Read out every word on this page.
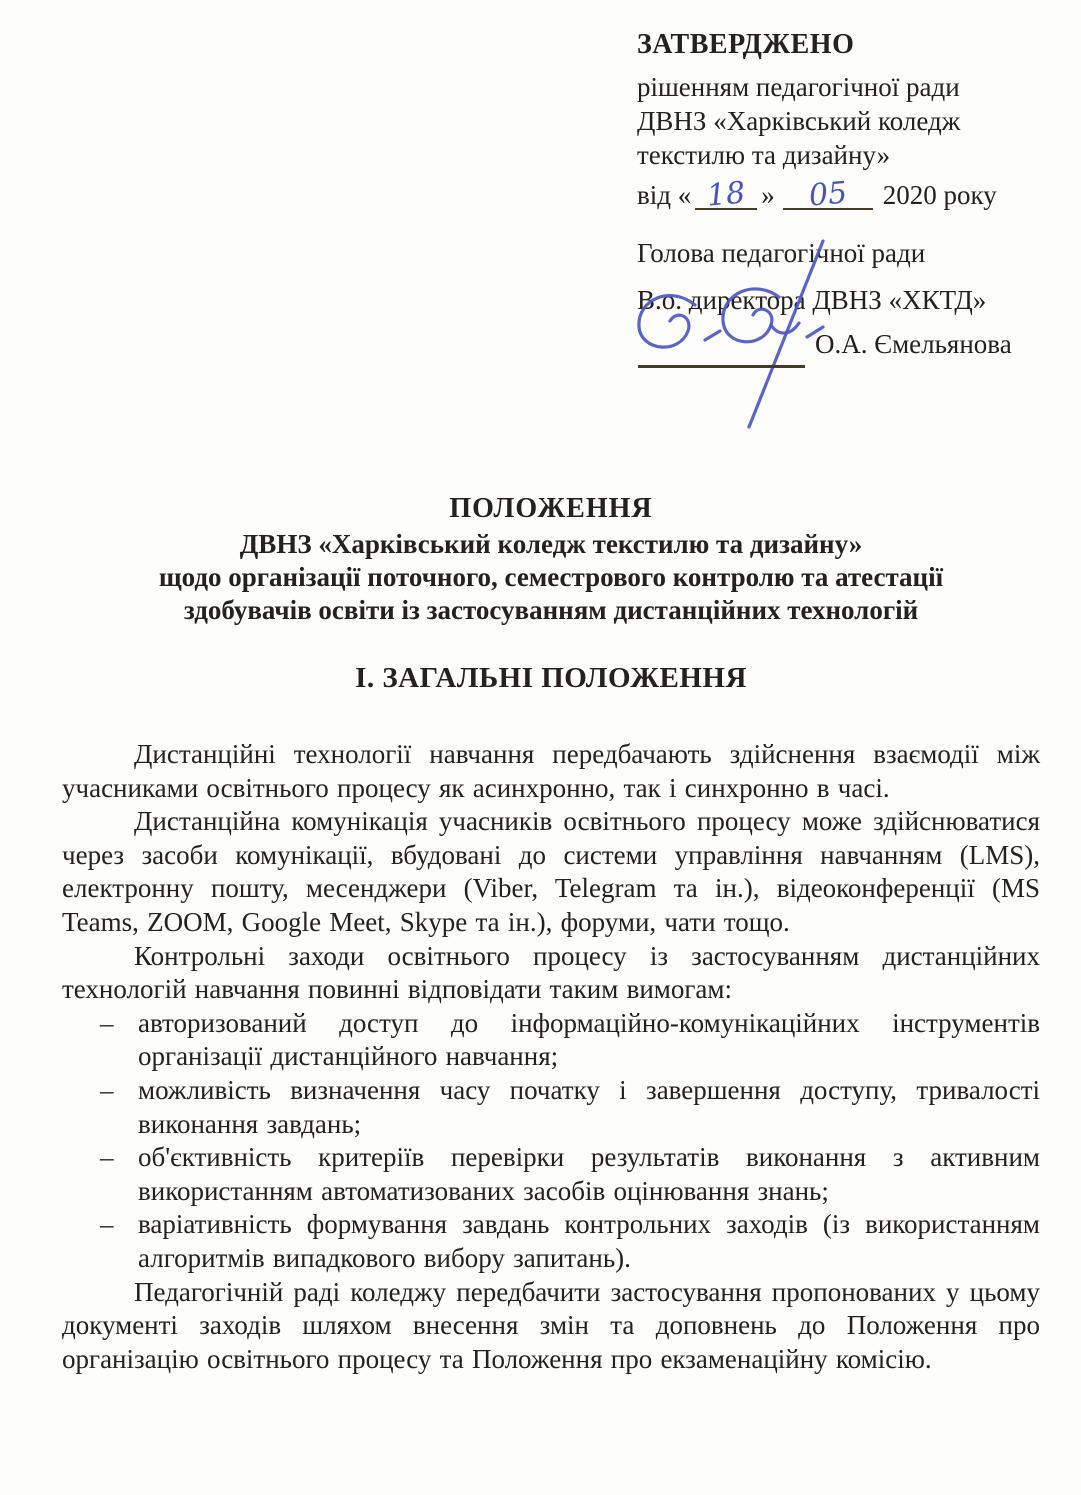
ЗАТВЕРДЖЕНО
рішенням педагогічної ради
ДВНЗ «Харківський коледж
текстилю та дизайну»
від « 18 » 05 2020 року
Голова педагогічної ради
В.о. директора ДВНЗ «ХКТД»
О.А. Ємельянова
ПОЛОЖЕННЯ
ДВНЗ «Харківський коледж текстилю та дизайну»
щодо організації поточного, семестрового контролю та атестації
здобувачів освіти із застосуванням дистанційних технологій
І. ЗАГАЛЬНІ ПОЛОЖЕННЯ

Дистанційні технології навчання передбачають здійснення взаємодії між учасниками освітнього процесу як асинхронно, так і синхронно в часі.

Дистанційна комунікація учасників освітнього процесу може здійснюватися через засоби комунікації, вбудовані до системи управління навчанням (LMS), електронну пошту, месенджери (Viber, Telegram та ін.), відеоконференції (MS Teams, ZOOM, Google Meet, Skype та ін.), форуми, чати тощо.

Контрольні заходи освітнього процесу із застосуванням дистанційних технологій навчання повинні відповідати таким вимогам:

– авторизований доступ до інформаційно-комунікаційних інструментів організації дистанційного навчання;
– можливість визначення часу початку і завершення доступу, тривалості виконання завдань;
– об'єктивність критеріїв перевірки результатів виконання з активним використанням автоматизованих засобів оцінювання знань;
– варіативність формування завдань контрольних заходів (із використанням алгоритмів випадкового вибору запитань).

Педагогічній раді коледжу передбачити застосування пропонованих у цьому документі заходів шляхом внесення змін та доповнень до Положення про організацію освітнього процесу та Положення про екзаменаційну комісію.
